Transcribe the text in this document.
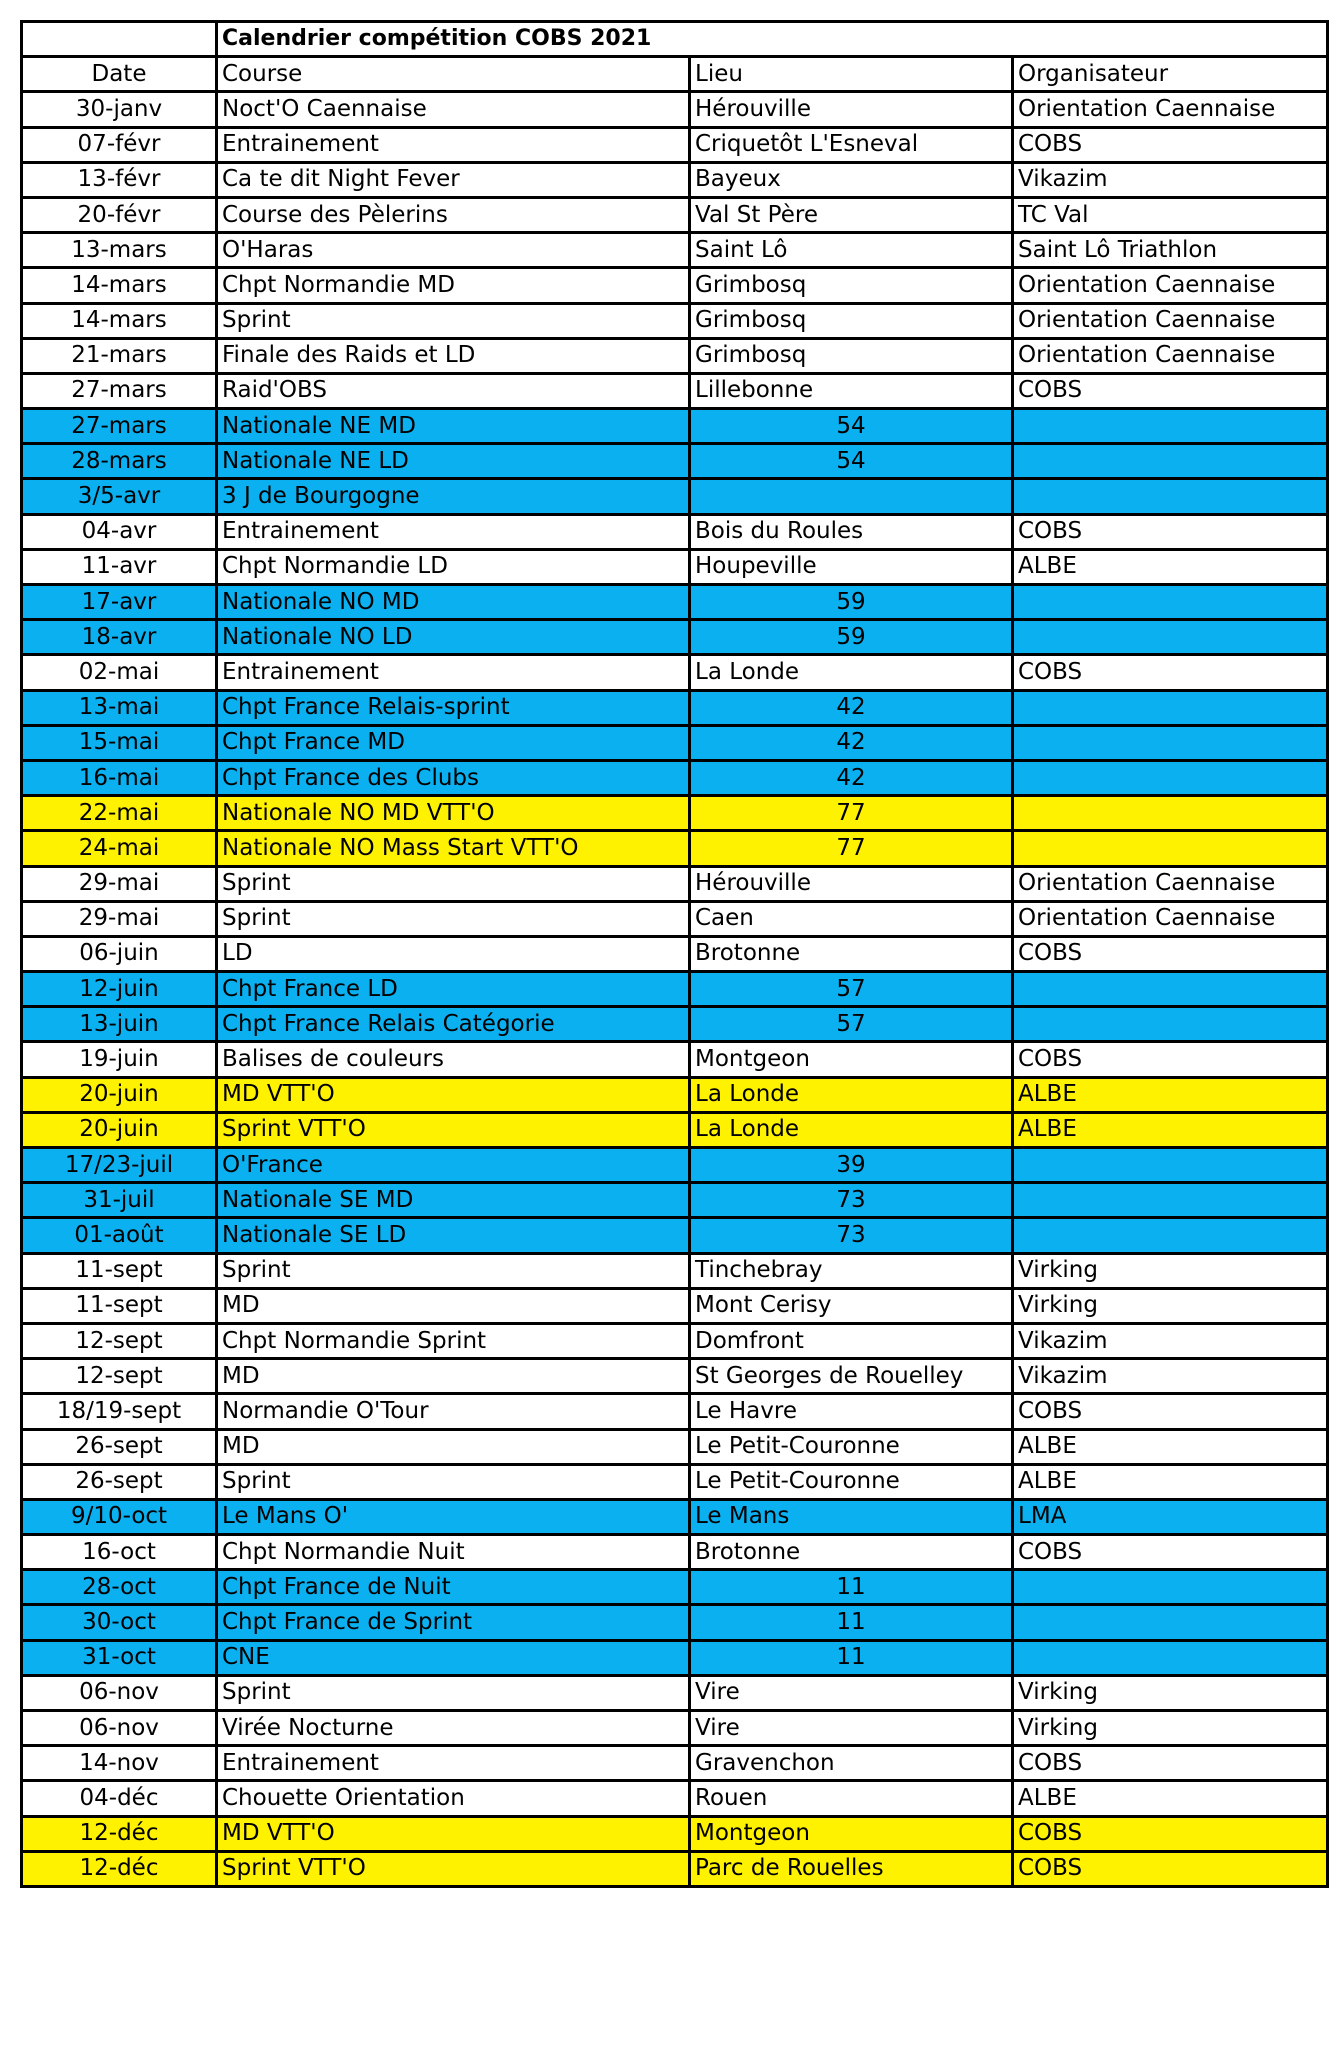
	Calendrier compétition COBS 2021		
Date	Course	Lieu	Organisateur
30-janv	Noct'O Caennaise	Hérouville	Orientation Caennaise
07-févr	Entrainement	Criquetôt L'Esneval	COBS
13-févr	Ca te dit Night Fever	Bayeux	Vikazim
20-févr	Course des Pèlerins	Val St Père	TC Val
13-mars	O'Haras	Saint Lô	Saint Lô Triathlon
14-mars	Chpt Normandie MD	Grimbosq	Orientation Caennaise
14-mars	Sprint	Grimbosq	Orientation Caennaise
21-mars	Finale des Raids et LD	Grimbosq	Orientation Caennaise
27-mars	Raid'OBS	Lillebonne	COBS
27-mars	Nationale NE MD	54	
28-mars	Nationale NE LD	54	
3/5-avr	3 J de Bourgogne		
04-avr	Entrainement	Bois du Roules	COBS
11-avr	Chpt Normandie LD	Houpeville	ALBE
17-avr	Nationale NO MD	59	
18-avr	Nationale NO LD	59	
02-mai	Entrainement	La Londe	COBS
13-mai	Chpt France Relais-sprint	42	
15-mai	Chpt France MD	42	
16-mai	Chpt France des Clubs	42	
22-mai	Nationale NO MD VTT'O	77	
24-mai	Nationale NO Mass Start VTT'O	77	
29-mai	Sprint	Hérouville	Orientation Caennaise
29-mai	Sprint	Caen	Orientation Caennaise
06-juin	LD	Brotonne	COBS
12-juin	Chpt France LD	57	
13-juin	Chpt France Relais Catégorie	57	
19-juin	Balises de couleurs	Montgeon	COBS
20-juin	MD VTT'O	La Londe	ALBE
20-juin	Sprint VTT'O	La Londe	ALBE
17/23-juil	O'France	39	
31-juil	Nationale SE MD	73	
01-août	Nationale SE LD	73	
11-sept	Sprint	Tinchebray	Virking
11-sept	MD	Mont Cerisy	Virking
12-sept	Chpt Normandie Sprint	Domfront	Vikazim
12-sept	MD	St Georges de Rouelley	Vikazim
18/19-sept	Normandie O'Tour	Le Havre	COBS
26-sept	MD	Le Petit-Couronne	ALBE
26-sept	Sprint	Le Petit-Couronne	ALBE
9/10-oct	Le Mans O'	Le Mans	LMA
16-oct	Chpt Normandie Nuit	Brotonne	COBS
28-oct	Chpt France de Nuit	11	
30-oct	Chpt France de Sprint	11	
31-oct	CNE	11	
06-nov	Sprint	Vire	Virking
06-nov	Virée Nocturne	Vire	Virking
14-nov	Entrainement	Gravenchon	COBS
04-déc	Chouette Orientation	Rouen	ALBE
12-déc	MD VTT'O	Montgeon	COBS
12-déc	Sprint VTT'O	Parc de Rouelles	COBS
